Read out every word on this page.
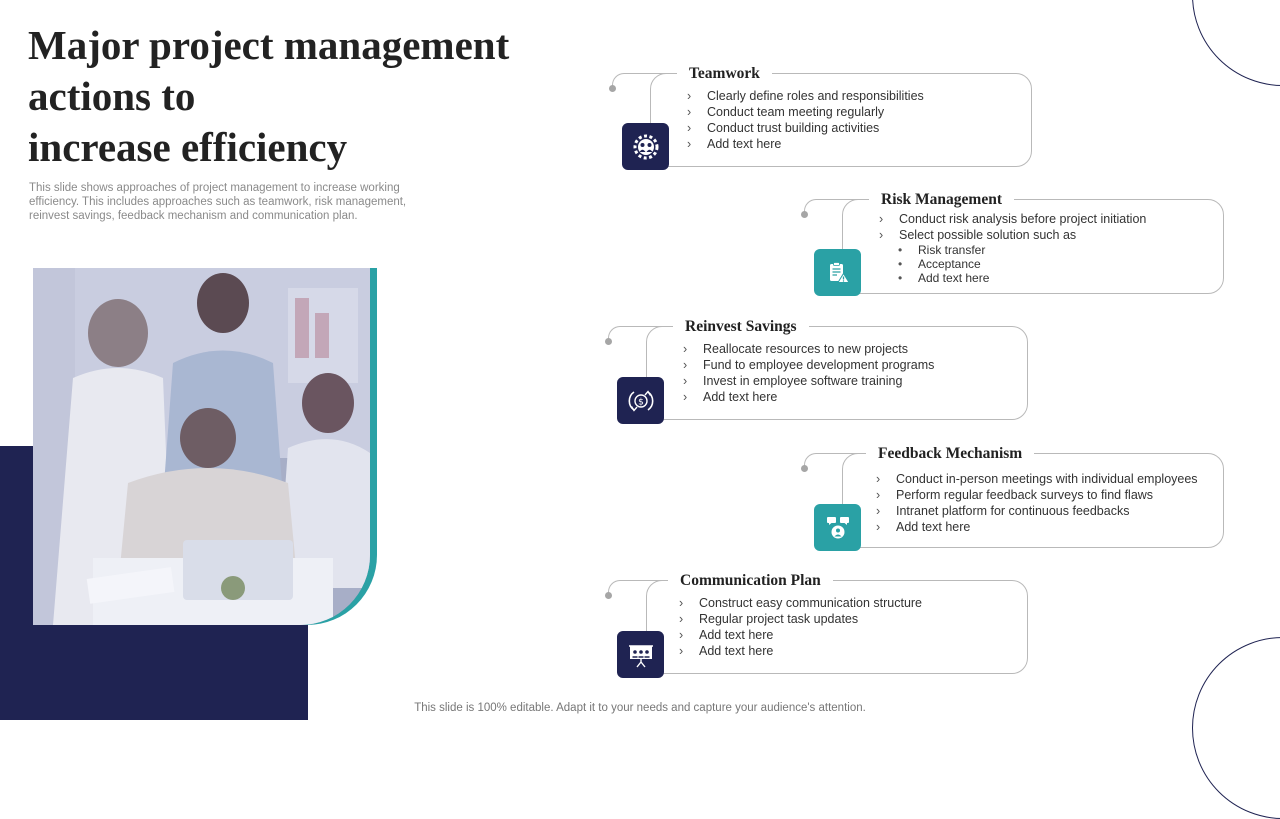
Major project management
actions to
increase efficiency

This slide shows approaches of project management to increase working efficiency. This includes approaches such as teamwork, risk management, reinvest savings, feedback mechanism and communication plan.

Teamwork
› Clearly define roles and responsibilities
› Conduct team meeting regularly
› Conduct trust building activities
› Add text here
Risk Management
› Conduct risk analysis before project initiation
› Select possible solution such as
• Risk transfer
• Acceptance
• Add text here
Reinvest Savings
› Reallocate resources to new projects
› Fund to employee development programs
› Invest in employee software training
› Add text here
$
Feedback Mechanism
› Conduct in-person meetings with individual employees
› Perform regular feedback surveys to find flaws
› Intranet platform for continuous feedbacks
› Add text here
Communication Plan
› Construct easy communication structure
› Regular project task updates
› Add text here
› Add text here

This slide is 100% editable. Adapt it to your needs and capture your audience's attention.
